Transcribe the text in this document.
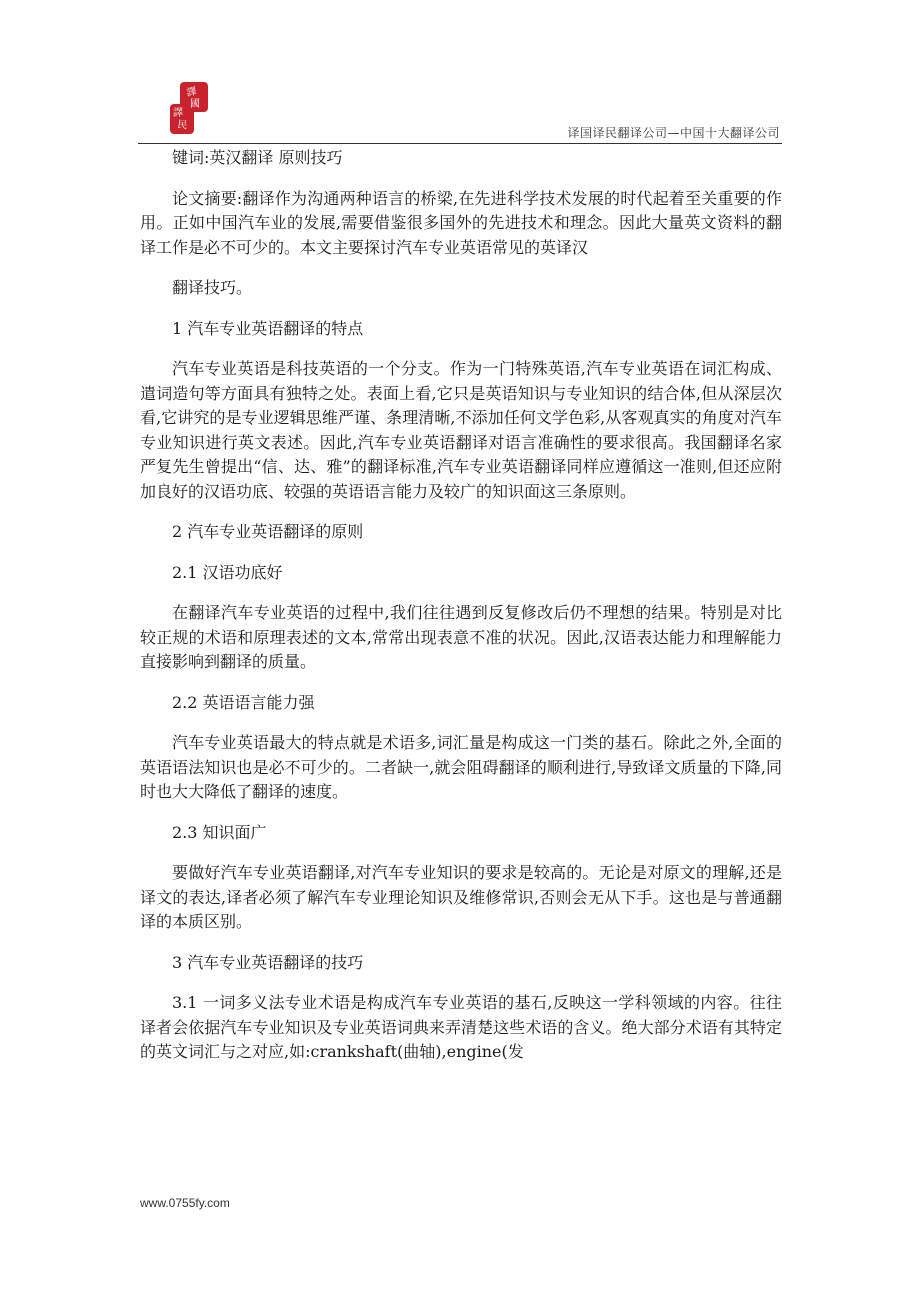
譯
國
譯
民
译国译民翻译公司—中国十大翻译公司

键词:英汉翻译 原则技巧

论文摘要:翻译作为沟通两种语言的桥梁,在先进科学技术发展的时代起着至关重要的作用。正如中国汽车业的发展,需要借鉴很多国外的先进技术和理念。因此大量英文资料的翻译工作是必不可少的。本文主要探讨汽车专业英语常见的英译汉

翻译技巧。

1 汽车专业英语翻译的特点

汽车专业英语是科技英语的一个分支。作为一门特殊英语,汽车专业英语在词汇构成、遣词造句等方面具有独特之处。表面上看,它只是英语知识与专业知识的结合体,但从深层次看,它讲究的是专业逻辑思维严谨、条理清晰,不添加任何文学色彩,从客观真实的角度对汽车专业知识进行英文表述。因此,汽车专业英语翻译对语言准确性的要求很高。我国翻译名家严复先生曾提出“信、达、雅”的翻译标准,汽车专业英语翻译同样应遵循这一准则,但还应附加良好的汉语功底、较强的英语语言能力及较广的知识面这三条原则。

2 汽车专业英语翻译的原则

2.1 汉语功底好

在翻译汽车专业英语的过程中,我们往往遇到反复修改后仍不理想的结果。特别是对比较正规的术语和原理表述的文本,常常出现表意不准的状况。因此,汉语表达能力和理解能力直接影响到翻译的质量。

2.2 英语语言能力强

汽车专业英语最大的特点就是术语多,词汇量是构成这一门类的基石。除此之外,全面的英语语法知识也是必不可少的。二者缺一,就会阻碍翻译的顺利进行,导致译文质量的下降,同时也大大降低了翻译的速度。

2.3 知识面广

要做好汽车专业英语翻译,对汽车专业知识的要求是较高的。无论是对原文的理解,还是译文的表达,译者必须了解汽车专业理论知识及维修常识,否则会无从下手。这也是与普通翻译的本质区别。

3 汽车专业英语翻译的技巧

3.1 一词多义法专业术语是构成汽车专业英语的基石,反映这一学科领域的内容。往往译者会依据汽车专业知识及专业英语词典来弄清楚这些术语的含义。绝大部分术语有其特定的英文词汇与之对应,如:crankshaft(曲轴),engine(发

www.0755fy.com
